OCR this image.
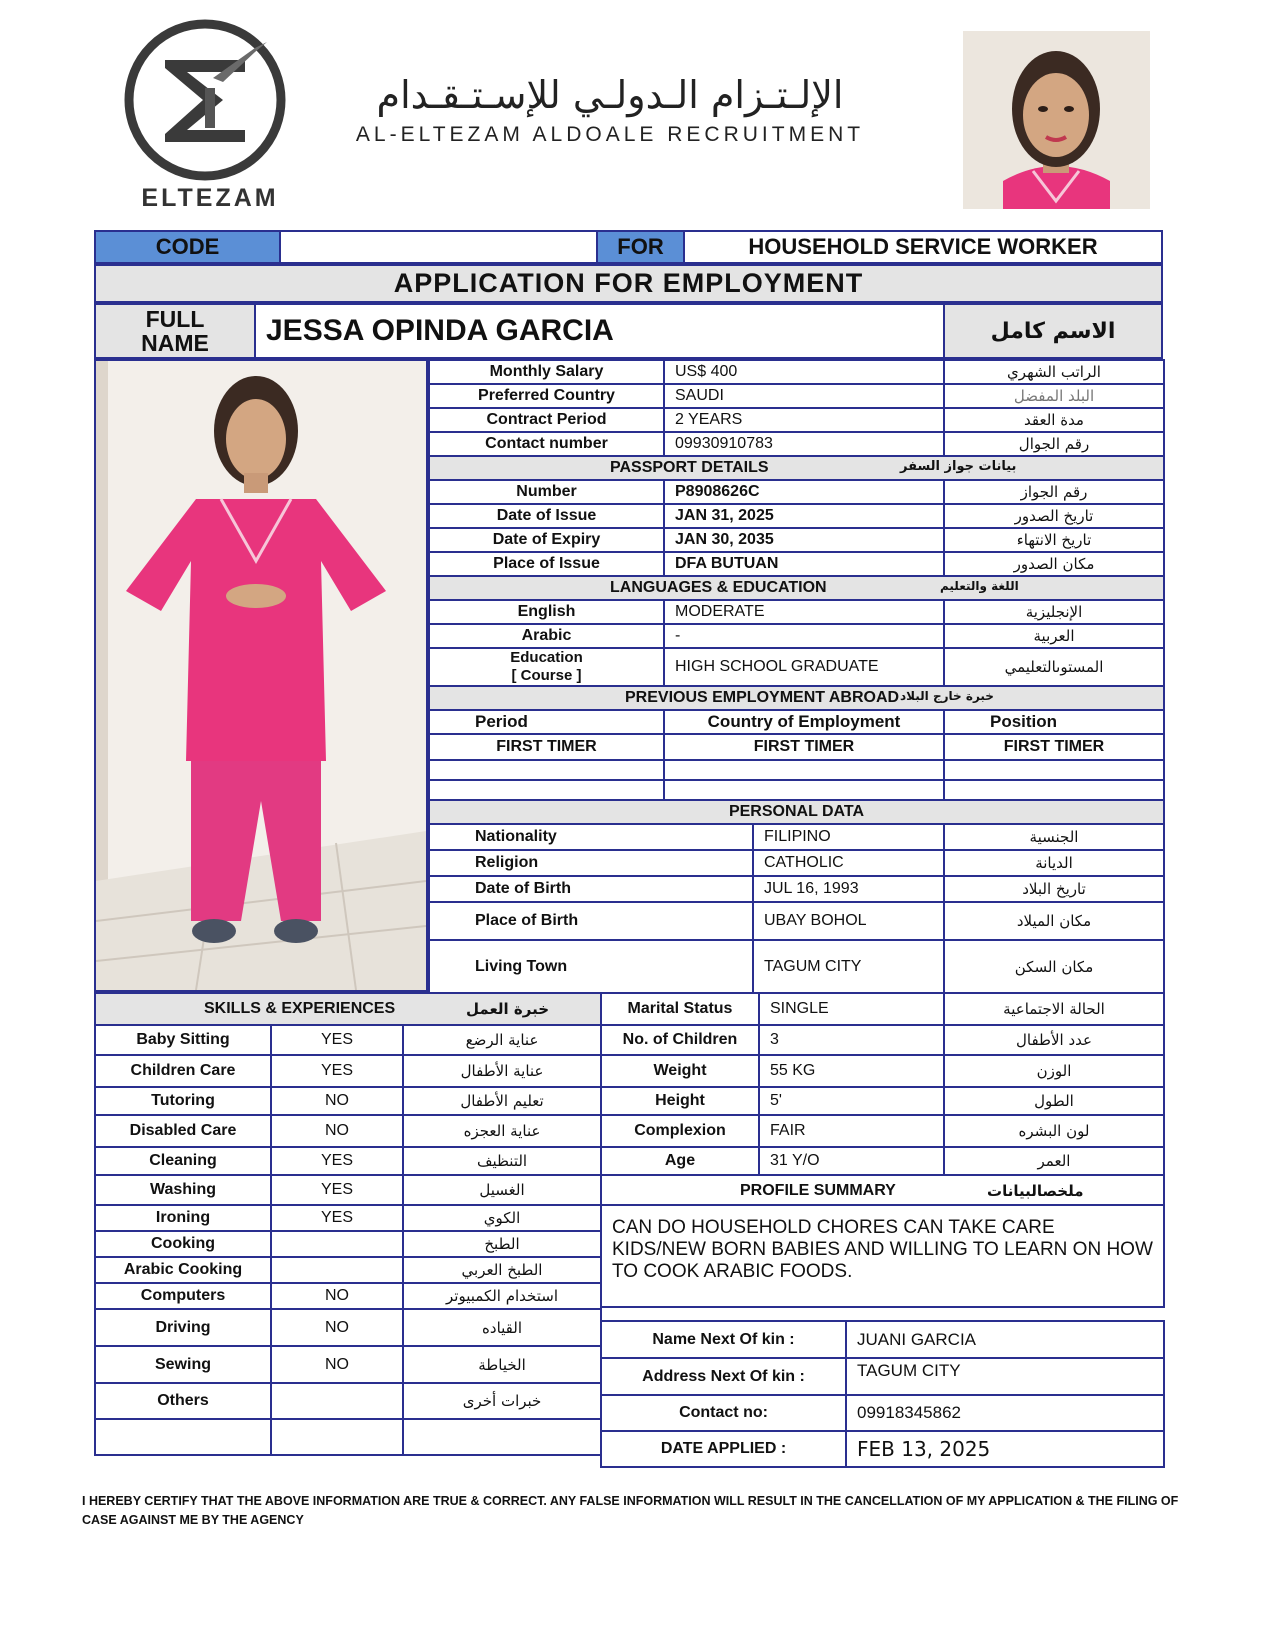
ELTEZAM
الإلـتـزام الـدولـي للإسـتـقـدام
AL-ELTEZAM ALDOALE RECRUITMENT
CODE		FOR	HOUSEHOLD SERVICE WORKER
APPLICATION FOR EMPLOYMENT
FULL
NAME	JESSA OPINDA GARCIA	الاسم كامل
Monthly Salary	US$ 400	الراتب الشهري
Preferred Country	SAUDI	البلد المفضل
Contract Period	2 YEARS	مدة العقد
Contact number	09930910783	رقم الجوال

PASSPORT DETAILS بيانات جواز السفر		

Number	P8908626C	رقم الجواز
Date of Issue	JAN 31, 2025	تاريخ الصدور
Date of Expiry	JAN 30, 2035	تاريخ الانتهاء
Place of Issue	DFA BUTUAN	مكان الصدور

LANGUAGES & EDUCATION اللغة والتعليم		

English	MODERATE	الإنجليزية
Arabic	-	العربية

Education
[ Course ]	HIGH SCHOOL GRADUATE	المستوىالتعليمي

PREVIOUS EMPLOYMENT ABROAD خبرة خارج البلاد		

Period	Country of Employment	Position
FIRST TIMER	FIRST TIMER	FIRST TIMER

PERSONAL DATA		
Nationality	FILIPINO	الجنسية
Religion	CATHOLIC	الديانة
Date of Birth	JUL 16, 1993	تاريخ البلاد
Place of Birth	UBAY BOHOL	مكان الميلاد
Living Town	TAGUM CITY	مكان السكن
SKILLS & EXPERIENCES خبرة العمل		

Baby Sitting	YES	عناية الرضع
Children Care	YES	عناية الأطفال
Tutoring	NO	تعليم الأطفال
Disabled Care	NO	عناية العجزه
Cleaning	YES	التنظيف
Washing	YES	الغسيل
Ironing	YES	الكوي
Cooking		الطبخ
Arabic Cooking		الطبخ العربي
Computers	NO	استخدام الكمبيوتر
Driving	NO	القياده
Sewing	NO	الخياطة
Others		خبرات أخرى

Marital Status	SINGLE	الحالة الاجتماعية
No. of Children	3	عدد الأطفال
Weight	55 KG	الوزن
Height	5'	الطول
Complexion	FAIR	لون البشره
Age	31 Y/O	العمر

PROFILE SUMMARY ملخصالبيانات		

CAN DO HOUSEHOLD CHORES CAN TAKE CARE KIDS/NEW BORN BABIES AND WILLING TO LEARN ON HOW TO COOK ARABIC FOODS.		
Name Next Of kin :	JUANI GARCIA
Address Next Of kin :	TAGUM CITY
Contact no:	09918345862
DATE APPLIED :	FEB 13, 2025
I HEREBY CERTIFY THAT THE ABOVE INFORMATION ARE TRUE & CORRECT. ANY FALSE INFORMATION WILL RESULT IN THE CANCELLATION OF MY APPLICATION & THE FILING OF CASE AGAINST ME BY THE AGENCY
